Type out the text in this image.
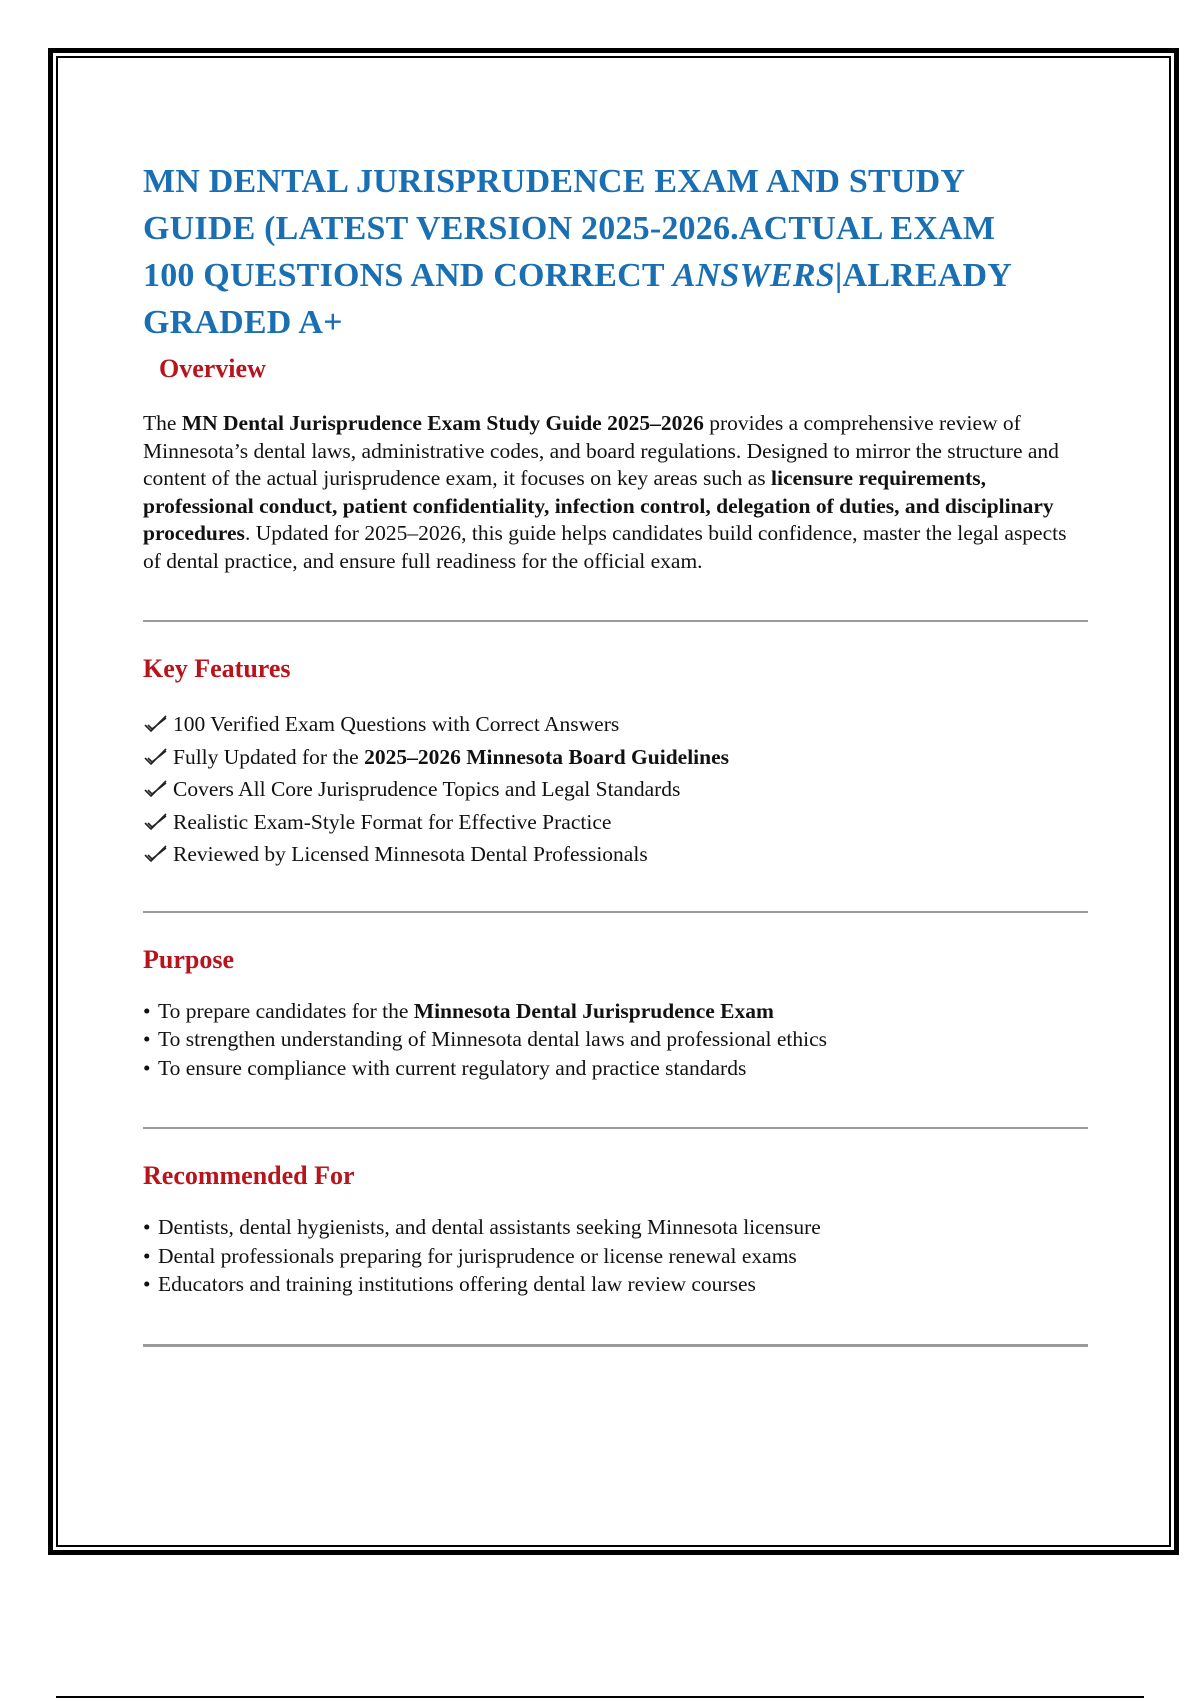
MN DENTAL JURISPRUDENCE EXAM AND STUDY
GUIDE (LATEST VERSION 2025-2026.ACTUAL EXAM
100 QUESTIONS AND CORRECT ANSWERS|ALREADY
GRADED A+
Overview

The MN Dental Jurisprudence Exam Study Guide 2025–2026 provides a comprehensive review of Minnesota’s dental laws, administrative codes, and board regulations. Designed to mirror the structure and content of the actual jurisprudence exam, it focuses on key areas such as licensure requirements, professional conduct, patient confidentiality, infection control, delegation of duties, and disciplinary procedures. Updated for 2025–2026, this guide helps candidates build confidence, master the legal aspects of dental practice, and ensure full readiness for the official exam.

Key Features
100 Verified Exam Questions with Correct Answers
Fully Updated for the 2025–2026 Minnesota Board Guidelines
Covers All Core Jurisprudence Topics and Legal Standards
Realistic Exam-Style Format for Effective Practice
Reviewed by Licensed Minnesota Dental Professionals
Purpose
• To prepare candidates for the Minnesota Dental Jurisprudence Exam
• To strengthen understanding of Minnesota dental laws and professional ethics
• To ensure compliance with current regulatory and practice standards
Recommended For
• Dentists, dental hygienists, and dental assistants seeking Minnesota licensure
• Dental professionals preparing for jurisprudence or license renewal exams
• Educators and training institutions offering dental law review courses
